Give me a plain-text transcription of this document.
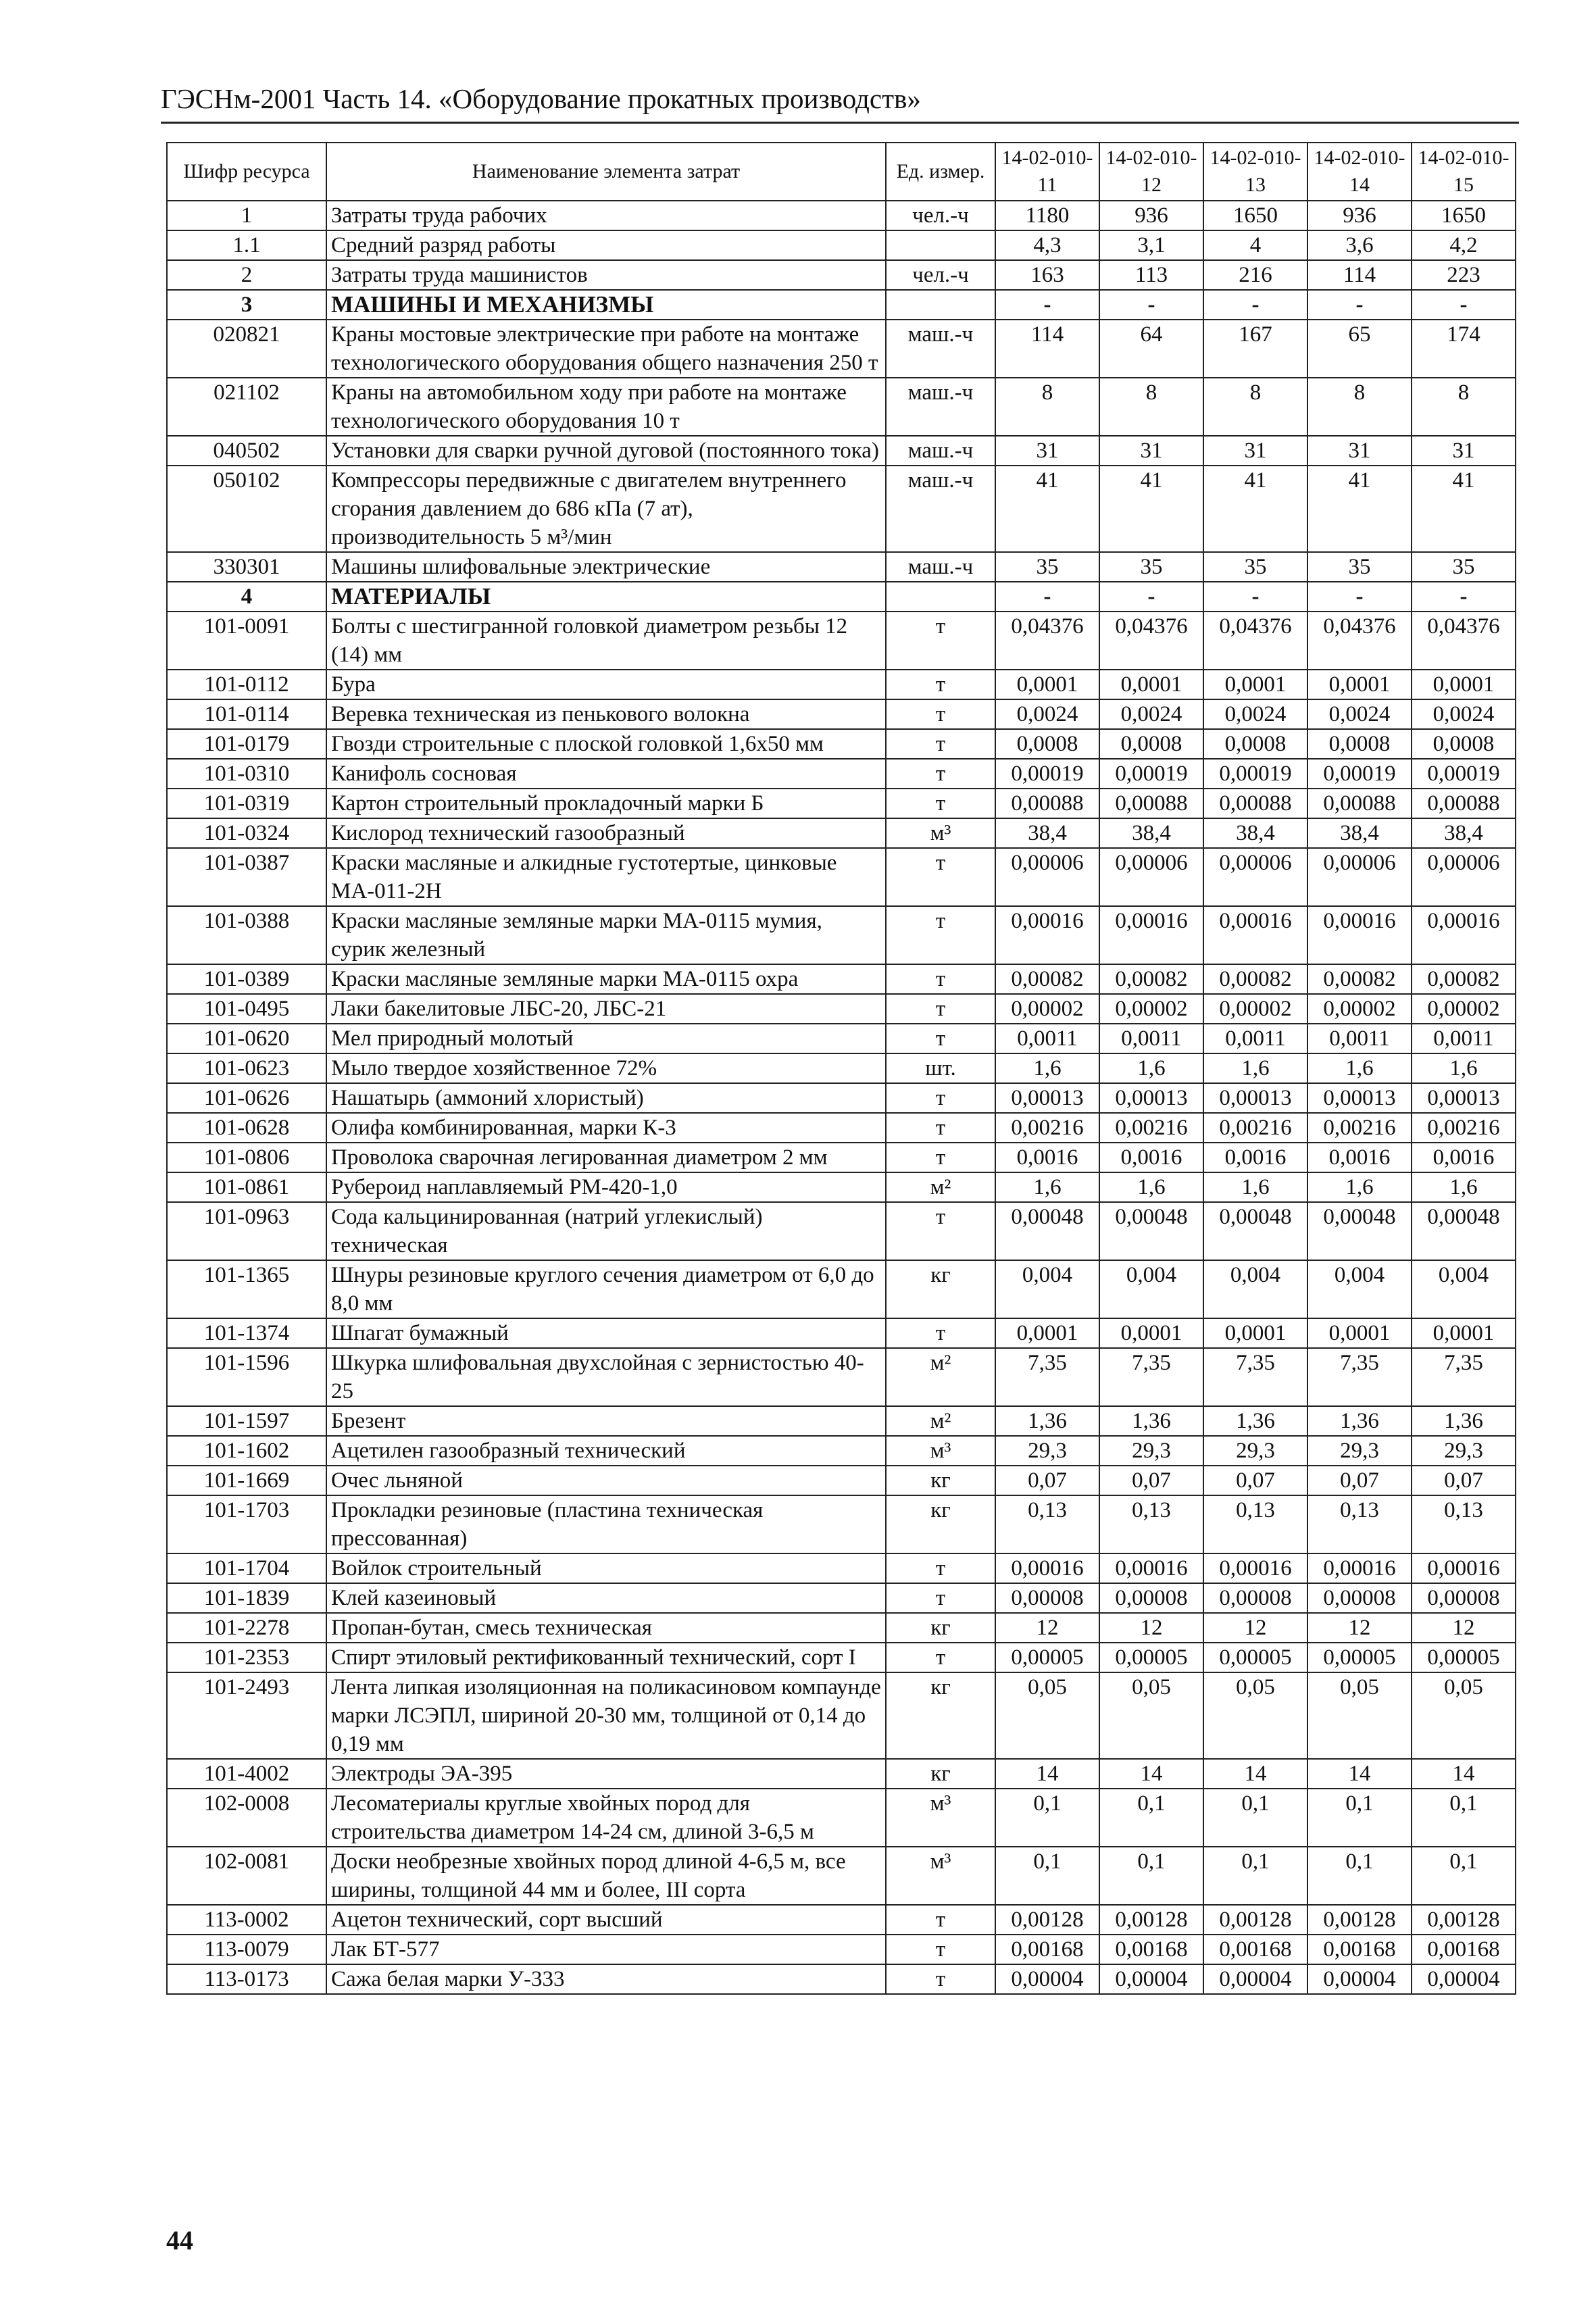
ГЭСНм-2001 Часть 14. «Оборудование прокатных производств»
Шифр ресурса	Наименование элемента затрат	Ед. измер.	14-02-010-11	14-02-010-12	14-02-010-13	14-02-010-14	14-02-010-15
1	Затраты труда рабочих	чел.-ч	1180	936	1650	936	1650
1.1	Средний разряд работы		4,3	3,1	4	3,6	4,2
2	Затраты труда машинистов	чел.-ч	163	113	216	114	223
3	МАШИНЫ И МЕХАНИЗМЫ		-	-	-	-	-
020821	Краны мостовые электрические при работе на монтаже технологического оборудования общего назначения 250 т	маш.-ч	114	64	167	65	174
021102	Краны на автомобильном ходу при работе на монтаже технологического оборудования 10 т	маш.-ч	8	8	8	8	8
040502	Установки для сварки ручной дуговой (постоянного тока)	маш.-ч	31	31	31	31	31
050102	Компрессоры передвижные с двигателем внутреннего сгорания давлением до 686 кПа (7 ат), производительность 5 м³/мин	маш.-ч	41	41	41	41	41
330301	Машины шлифовальные электрические	маш.-ч	35	35	35	35	35
4	МАТЕРИАЛЫ		-	-	-	-	-
101-0091	Болты с шестигранной головкой диаметром резьбы 12 (14) мм	т	0,04376	0,04376	0,04376	0,04376	0,04376
101-0112	Бура	т	0,0001	0,0001	0,0001	0,0001	0,0001
101-0114	Веревка техническая из пенькового волокна	т	0,0024	0,0024	0,0024	0,0024	0,0024
101-0179	Гвозди строительные с плоской головкой 1,6х50 мм	т	0,0008	0,0008	0,0008	0,0008	0,0008
101-0310	Канифоль сосновая	т	0,00019	0,00019	0,00019	0,00019	0,00019
101-0319	Картон строительный прокладочный марки Б	т	0,00088	0,00088	0,00088	0,00088	0,00088
101-0324	Кислород технический газообразный	м³	38,4	38,4	38,4	38,4	38,4
101-0387	Краски масляные и алкидные густотертые, цинковые МА-011-2Н	т	0,00006	0,00006	0,00006	0,00006	0,00006
101-0388	Краски масляные земляные марки МА-0115 мумия, сурик железный	т	0,00016	0,00016	0,00016	0,00016	0,00016
101-0389	Краски масляные земляные марки МА-0115 охра	т	0,00082	0,00082	0,00082	0,00082	0,00082
101-0495	Лаки бакелитовые ЛБС-20, ЛБС-21	т	0,00002	0,00002	0,00002	0,00002	0,00002
101-0620	Мел природный молотый	т	0,0011	0,0011	0,0011	0,0011	0,0011
101-0623	Мыло твердое хозяйственное 72%	шт.	1,6	1,6	1,6	1,6	1,6
101-0626	Нашатырь (аммоний хлористый)	т	0,00013	0,00013	0,00013	0,00013	0,00013
101-0628	Олифа комбинированная, марки К-3	т	0,00216	0,00216	0,00216	0,00216	0,00216
101-0806	Проволока сварочная легированная диаметром 2 мм	т	0,0016	0,0016	0,0016	0,0016	0,0016
101-0861	Рубероид наплавляемый РМ-420-1,0	м²	1,6	1,6	1,6	1,6	1,6
101-0963	Сода кальцинированная (натрий углекислый) техническая	т	0,00048	0,00048	0,00048	0,00048	0,00048
101-1365	Шнуры резиновые круглого сечения диаметром от 6,0 до 8,0 мм	кг	0,004	0,004	0,004	0,004	0,004
101-1374	Шпагат бумажный	т	0,0001	0,0001	0,0001	0,0001	0,0001
101-1596	Шкурка шлифовальная двухслойная с зернистостью 40-25	м²	7,35	7,35	7,35	7,35	7,35
101-1597	Брезент	м²	1,36	1,36	1,36	1,36	1,36
101-1602	Ацетилен газообразный технический	м³	29,3	29,3	29,3	29,3	29,3
101-1669	Очес льняной	кг	0,07	0,07	0,07	0,07	0,07
101-1703	Прокладки резиновые (пластина техническая прессованная)	кг	0,13	0,13	0,13	0,13	0,13
101-1704	Войлок строительный	т	0,00016	0,00016	0,00016	0,00016	0,00016
101-1839	Клей казеиновый	т	0,00008	0,00008	0,00008	0,00008	0,00008
101-2278	Пропан-бутан, смесь техническая	кг	12	12	12	12	12
101-2353	Спирт этиловый ректификованный технический, сорт I	т	0,00005	0,00005	0,00005	0,00005	0,00005
101-2493	Лента липкая изоляционная на поликасиновом компаунде марки ЛСЭПЛ, шириной 20-30 мм, толщиной от 0,14 до 0,19 мм	кг	0,05	0,05	0,05	0,05	0,05
101-4002	Электроды ЭА-395	кг	14	14	14	14	14
102-0008	Лесоматериалы круглые хвойных пород для строительства диаметром 14-24 см, длиной 3-6,5 м	м³	0,1	0,1	0,1	0,1	0,1
102-0081	Доски необрезные хвойных пород длиной 4-6,5 м, все ширины, толщиной 44 мм и более, III сорта	м³	0,1	0,1	0,1	0,1	0,1
113-0002	Ацетон технический, сорт высший	т	0,00128	0,00128	0,00128	0,00128	0,00128
113-0079	Лак БТ-577	т	0,00168	0,00168	0,00168	0,00168	0,00168
113-0173	Сажа белая марки У-333	т	0,00004	0,00004	0,00004	0,00004	0,00004
44
